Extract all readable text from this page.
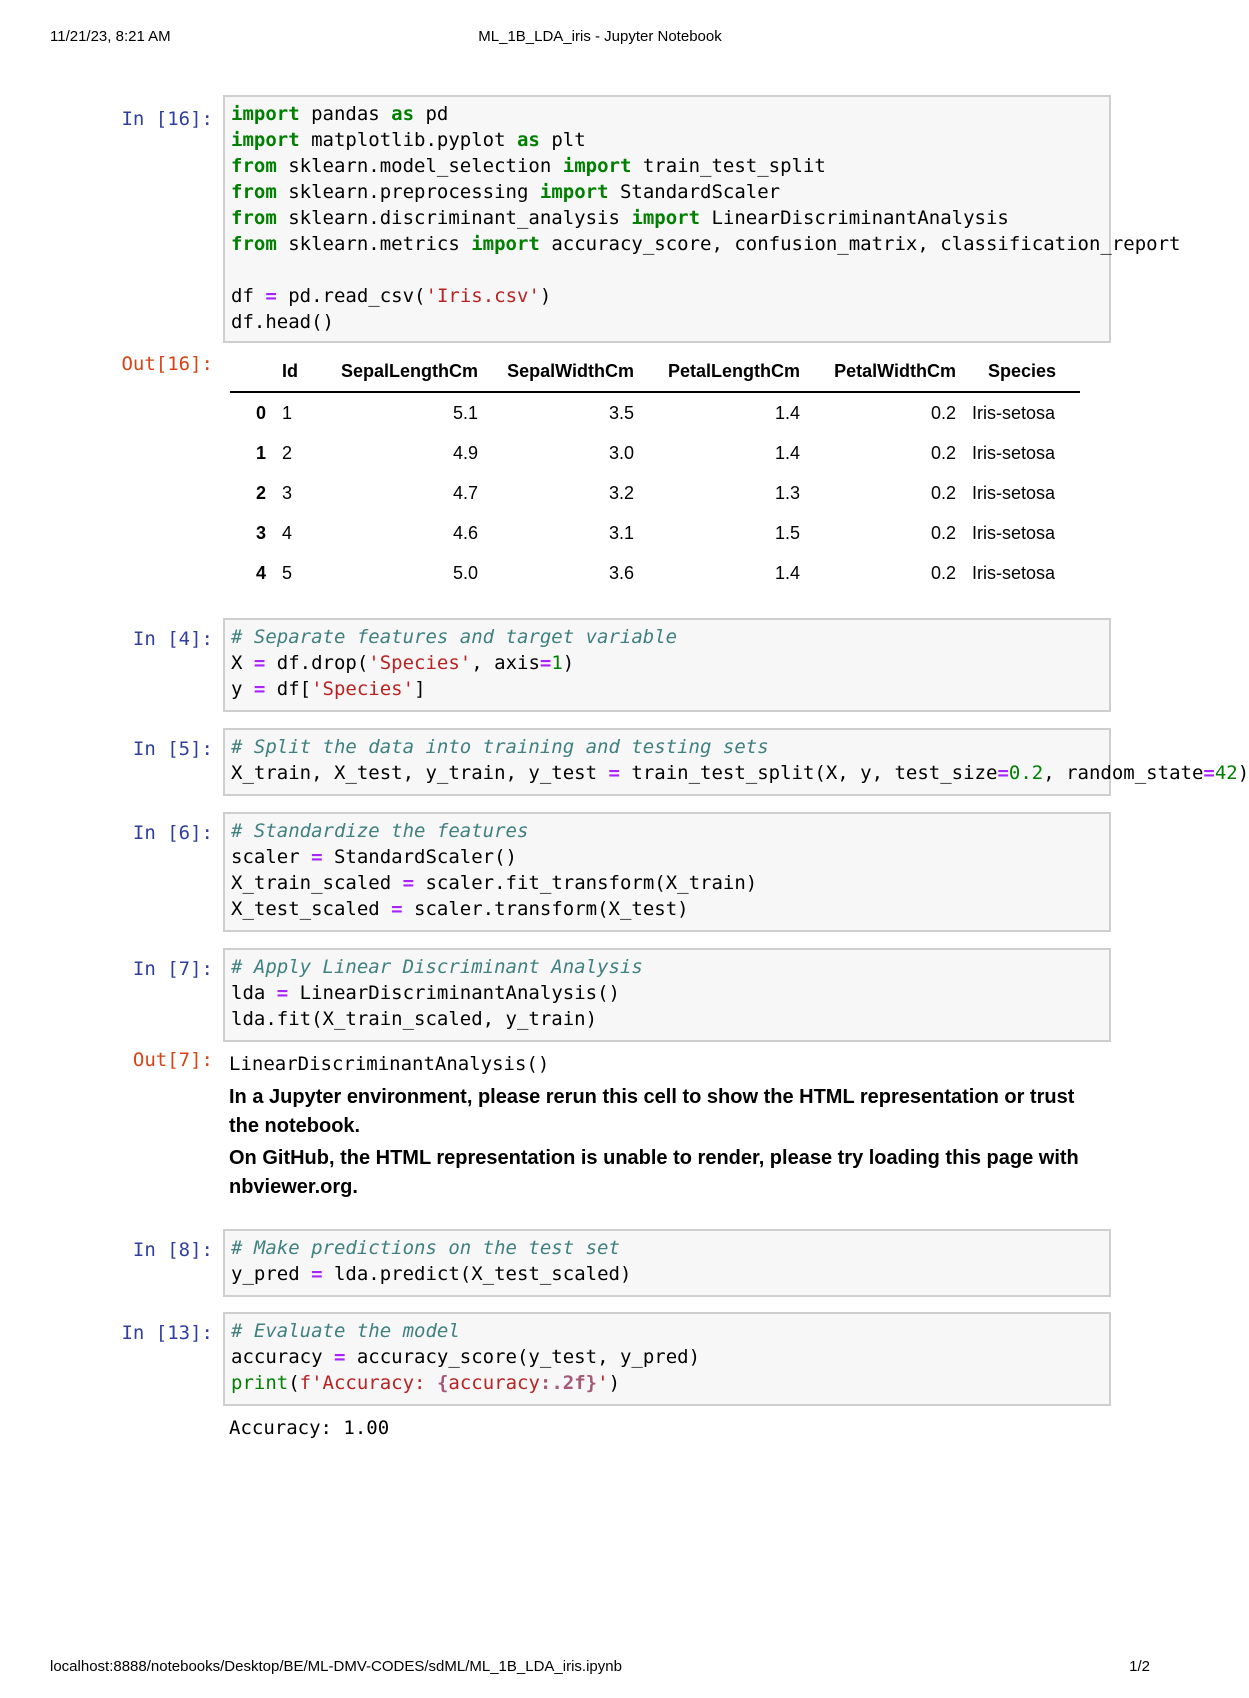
11/21/23, 8:21 AM	ML_1B_LDA_iris - Jupyter Notebook
In [16]: import pandas as pd
import matplotlib.pyplot as plt
from sklearn.model_selection import train_test_split
from sklearn.preprocessing import StandardScaler
from sklearn.discriminant_analysis import LinearDiscriminantAnalysis
from sklearn.metrics import accuracy_score, confusion_matrix, classification_report

df = pd.read_csv('Iris.csv')
df.head()
Out[16]:
		Id	SepalLengthCm	SepalWidthCm	PetalLengthCm	PetalWidthCm	Species
0	1	5.1	3.5	1.4	0.2	Iris-setosa
1	2	4.9	3.0	1.4	0.2	Iris-setosa
2	3	4.7	3.2	1.3	0.2	Iris-setosa
3	4	4.6	3.1	1.5	0.2	Iris-setosa
4	5	5.0	3.6	1.4	0.2	Iris-setosa
In [4]: # Separate features and target variable
X = df.drop('Species', axis=1)
y = df['Species']
In [5]: # Split the data into training and testing sets
X_train, X_test, y_train, y_test = train_test_split(X, y, test_size=0.2, random_state=42)
In [6]: # Standardize the features
scaler = StandardScaler()
X_train_scaled = scaler.fit_transform(X_train)
X_test_scaled = scaler.transform(X_test)
In [7]: # Apply Linear Discriminant Analysis
lda = LinearDiscriminantAnalysis()
lda.fit(X_train_scaled, y_train)
Out[7]: LinearDiscriminantAnalysis()
In a Jupyter environment, please rerun this cell to show the HTML representation or trust the notebook.
On GitHub, the HTML representation is unable to render, please try loading this page with nbviewer.org.
In [8]: # Make predictions on the test set
y_pred = lda.predict(X_test_scaled)
In [13]: # Evaluate the model
accuracy = accuracy_score(y_test, y_pred)
print(f'Accuracy: {accuracy:.2f}')
Accuracy: 1.00
localhost:8888/notebooks/Desktop/BE/ML-DMV-CODES/sdML/ML_1B_LDA_iris.ipynb	1/2
